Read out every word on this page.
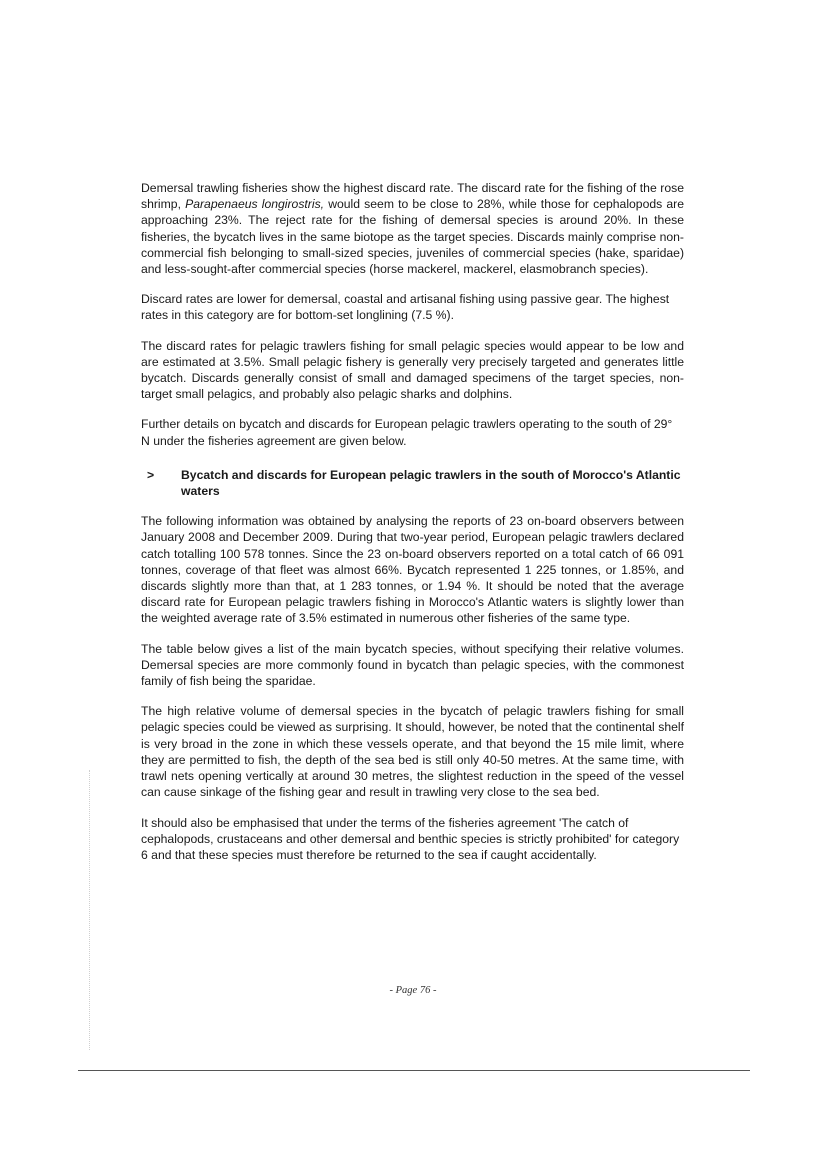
Demersal trawling fisheries show the highest discard rate. The discard rate for the fishing of the rose shrimp, Parapenaeus longirostris, would seem to be close to 28%, while those for cephalopods are approaching 23%. The reject rate for the fishing of demersal species is around 20%. In these fisheries, the bycatch lives in the same biotope as the target species. Discards mainly comprise non-commercial fish belonging to small-sized species, juveniles of commercial species (hake, sparidae) and less-sought-after commercial species (horse mackerel, mackerel, elasmobranch species).

Discard rates are lower for demersal, coastal and artisanal fishing using passive gear. The highest rates in this category are for bottom-set longlining (7.5 %).

The discard rates for pelagic trawlers fishing for small pelagic species would appear to be low and are estimated at 3.5%. Small pelagic fishery is generally very precisely targeted and generates little bycatch. Discards generally consist of small and damaged specimens of the target species, non-target small pelagics, and probably also pelagic sharks and dolphins.

Further details on bycatch and discards for European pelagic trawlers operating to the south of 29° N under the fisheries agreement are given below.

>	Bycatch and discards for European pelagic trawlers in the south of Morocco's Atlantic waters

The following information was obtained by analysing the reports of 23 on-board observers between January 2008 and December 2009. During that two-year period, European pelagic trawlers declared catch totalling 100 578 tonnes. Since the 23 on-board observers reported on a total catch of 66 091 tonnes, coverage of that fleet was almost 66%. Bycatch represented 1 225 tonnes, or 1.85%, and discards slightly more than that, at 1 283 tonnes, or 1.94 %. It should be noted that the average discard rate for European pelagic trawlers fishing in Morocco's Atlantic waters is slightly lower than the weighted average rate of 3.5% estimated in numerous other fisheries of the same type.

The table below gives a list of the main bycatch species, without specifying their relative volumes. Demersal species are more commonly found in bycatch than pelagic species, with the commonest family of fish being the sparidae.

The high relative volume of demersal species in the bycatch of pelagic trawlers fishing for small pelagic species could be viewed as surprising. It should, however, be noted that the continental shelf is very broad in the zone in which these vessels operate, and that beyond the 15 mile limit, where they are permitted to fish, the depth of the sea bed is still only 40-50 metres. At the same time, with trawl nets opening vertically at around 30 metres, the slightest reduction in the speed of the vessel can cause sinkage of the fishing gear and result in trawling very close to the sea bed.

It should also be emphasised that under the terms of the fisheries agreement 'The catch of cephalopods, crustaceans and other demersal and benthic species is strictly prohibited' for category 6 and that these species must therefore be returned to the sea if caught accidentally.

- Page 76 -
